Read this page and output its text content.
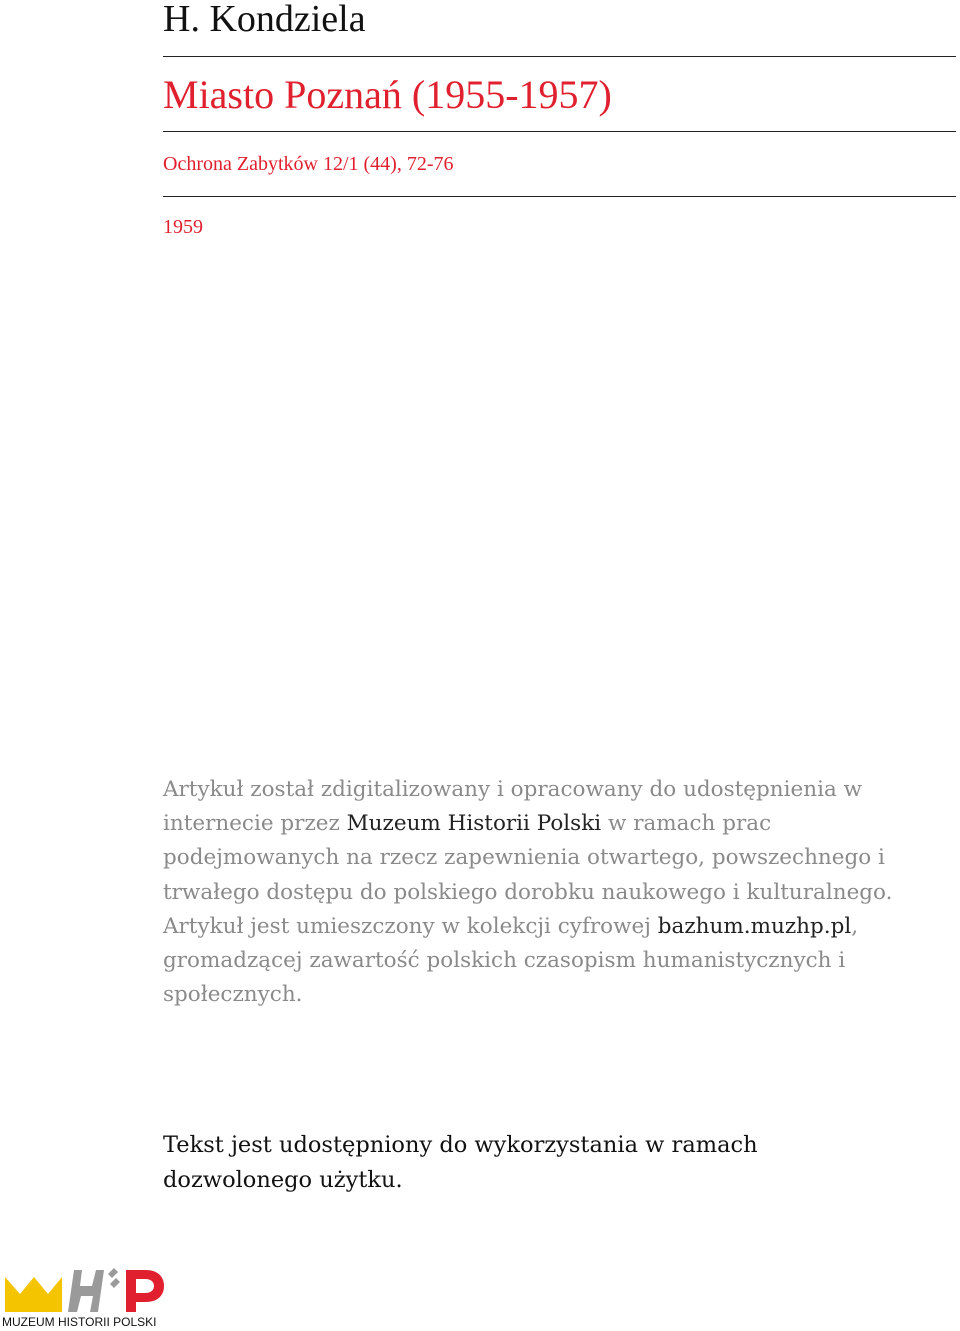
H. Kondziela
Miasto Poznań (1955-1957)
Ochrona Zabytków 12/1 (44), 72-76
1959

Artykuł został zdigitalizowany i opracowany do udostępnienia w internecie przez Muzeum Historii Polski w ramach prac podejmowanych na rzecz zapewnienia otwartego, powszechnego i trwałego dostępu do polskiego dorobku naukowego i kulturalnego. Artykuł jest umieszczony w kolekcji cyfrowej bazhum.muzhp.pl, gromadzącej zawartość polskich czasopism humanistycznych i społecznych.

Tekst jest udostępniony do wykorzystania w ramach dozwolonego użytku.

MUZEUM HISTORII POLSKI
